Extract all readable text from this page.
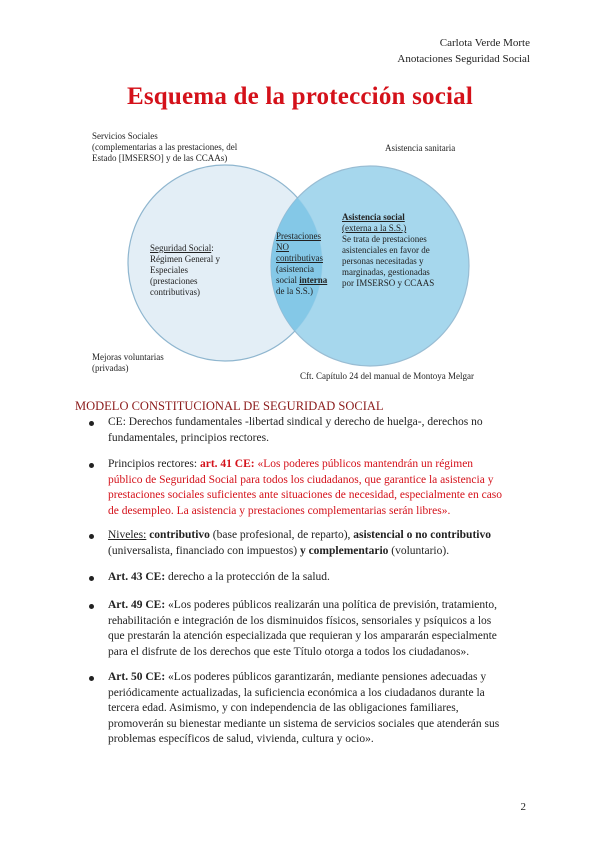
Carlota Verde Morte
Anotaciones Seguridad Social
Esquema de la protección social
Servicios Sociales
(complementarias a las prestaciones, del
Estado [IMSERSO] y de las CCAAs)
Asistencia sanitaria
Seguridad Social:
Régimen General y
Especiales
(prestaciones
contributivas)
Prestaciones
NO
contributivas
(asistencia
social interna
de la S.S.)
Asistencia social
(externa a la S.S.)
Se trata de prestaciones
asistenciales en favor de
personas necesitadas y
marginadas, gestionadas
por IMSERSO y CCAAS
Mejoras voluntarias
(privadas)
Cft. Capítulo 24 del manual de Montoya Melgar
MODELO CONSTITUCIONAL DE SEGURIDAD SOCIAL
CE: Derechos fundamentales -libertad sindical y derecho de huelga-, derechos no
fundamentales, principios rectores.
Principios rectores: art. 41 CE: «Los poderes públicos mantendrán un régimen
público de Seguridad Social para todos los ciudadanos, que garantice la asistencia y
prestaciones sociales suficientes ante situaciones de necesidad, especialmente en caso
de desempleo. La asistencia y prestaciones complementarias serán libres».
Niveles: contributivo (base profesional, de reparto), asistencial o no contributivo
(universalista, financiado con impuestos) y complementario (voluntario).
Art. 43 CE: derecho a la protección de la salud.
Art. 49 CE: «Los poderes públicos realizarán una política de previsión, tratamiento,
rehabilitación e integración de los disminuidos físicos, sensoriales y psíquicos a los
que prestarán la atención especializada que requieran y los ampararán especialmente
para el disfrute de los derechos que este Título otorga a todos los ciudadanos».
Art. 50 CE: «Los poderes públicos garantizarán, mediante pensiones adecuadas y
periódicamente actualizadas, la suficiencia económica a los ciudadanos durante la
tercera edad. Asimismo, y con independencia de las obligaciones familiares,
promoverán su bienestar mediante un sistema de servicios sociales que atenderán sus
problemas específicos de salud, vivienda, cultura y ocio».
2
